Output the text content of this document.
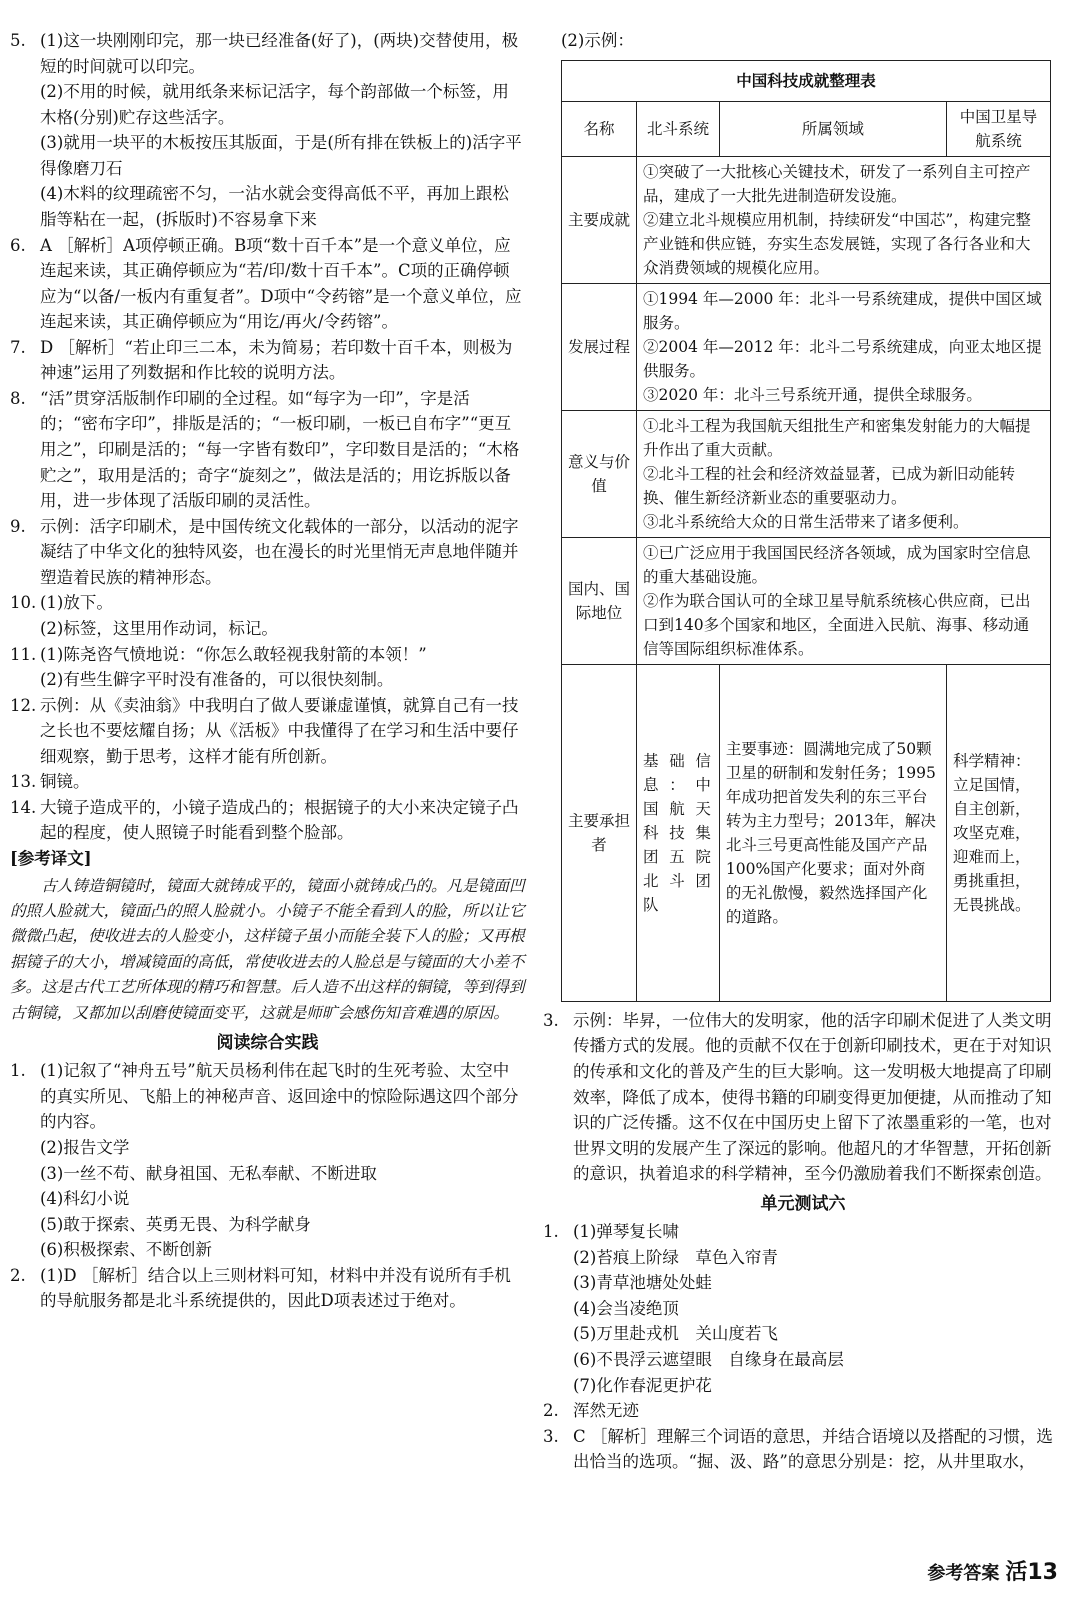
5. (1)这一块刚刚印完，那一块已经准备(好了)，(两块)交替使用，极短的时间就可以印完。

(2)不用的时候，就用纸条来标记活字，每个韵部做一个标签，用木格(分别)贮存这些活字。

(3)就用一块平的木板按压其版面，于是(所有排在铁板上的)活字平得像磨刀石

(4)木料的纹理疏密不匀，一沾水就会变得高低不平，再加上跟松脂等粘在一起，(拆版时)不容易拿下来

6. A ［解析］A项停顿正确。B项“数十百千本”是一个意义单位，应连起来读，其正确停顿应为“若/印/数十百千本”。C项的正确停顿应为“以备/一板内有重复者”。D项中“令药镕”是一个意义单位，应连起来读，其正确停顿应为“用讫/再火/令药镕”。

7. D ［解析］“若止印三二本，未为简易；若印数十百千本，则极为神速”运用了列数据和作比较的说明方法。

8. “活”贯穿活版制作印刷的全过程。如“每字为一印”，字是活的；“密布字印”，排版是活的；“一板印刷，一板已自布字”“更互用之”，印刷是活的；“每一字皆有数印”，字印数目是活的；“木格贮之”，取用是活的；奇字“旋刻之”，做法是活的；用讫拆版以备用，进一步体现了活版印刷的灵活性。

9. 示例：活字印刷术，是中国传统文化载体的一部分，以活动的泥字凝结了中华文化的独特风姿，也在漫长的时光里悄无声息地伴随并塑造着民族的精神形态。

10. (1)放下。

(2)标签，这里用作动词，标记。

11. (1)陈尧咨气愤地说：“你怎么敢轻视我射箭的本领！”

(2)有些生僻字平时没有准备的，可以很快刻制。

12. 示例：从《卖油翁》中我明白了做人要谦虚谨慎，就算自己有一技之长也不要炫耀自扬；从《活板》中我懂得了在学习和生活中要仔细观察，勤于思考，这样才能有所创新。

13. 铜镜。

14. 大镜子造成平的，小镜子造成凸的；根据镜子的大小来决定镜子凸起的程度，使人照镜子时能看到整个脸部。

[参考译文]

古人铸造铜镜时，镜面大就铸成平的，镜面小就铸成凸的。凡是镜面凹的照人脸就大，镜面凸的照人脸就小。小镜子不能全看到人的脸，所以让它微微凸起，使收进去的人脸变小，这样镜子虽小而能全装下人的脸；又再根据镜子的大小，增减镜面的高低，常使收进去的人脸总是与镜面的大小差不多。这是古代工艺所体现的精巧和智慧。后人造不出这样的铜镜，等到得到古铜镜，又都加以刮磨使镜面变平，这就是师旷会感伤知音难遇的原因。

阅读综合实践
1. (1)记叙了“神舟五号”航天员杨利伟在起飞时的生死考验、太空中的真实所见、飞船上的神秘声音、返回途中的惊险际遇这四个部分的内容。

(2)报告文学

(3)一丝不苟、献身祖国、无私奉献、不断进取

(4)科幻小说

(5)敢于探索、英勇无畏、为科学献身

(6)积极探索、不断创新

2. (1)D ［解析］结合以上三则材料可知，材料中并没有说所有手机的导航服务都是北斗系统提供的，因此D项表述过于绝对。

(2)示例：

中国科技成就整理表			
名称	北斗系统	所属领域	中国卫星导航系统
主要成就	①突破了一大批核心关键技术，研发了一系列自主可控产品，建成了一大批先进制造研发设施。
②建立北斗规模应用机制，持续研发“中国芯”，构建完整产业链和供应链，夯实生态发展链，实现了各行各业和大众消费领域的规模化应用。		

发展过程	①1994 年—2000 年：北斗一号系统建成，提供中国区域服务。
②2004 年—2012 年：北斗二号系统建成，向亚太地区提供服务。
③2020 年：北斗三号系统开通，提供全球服务。		

意义与价值	①北斗工程为我国航天组批生产和密集发射能力的大幅提升作出了重大贡献。
②北斗工程的社会和经济效益显著，已成为新旧动能转换、催生新经济新业态的重要驱动力。
③北斗系统给大众的日常生活带来了诸多便利。		

国内、国际地位	①已广泛应用于我国国民经济各领域，成为国家时空信息的重大基础设施。
②作为联合国认可的全球卫星导航系统核心供应商，已出口到140多个国家和地区，全面进入民航、海事、移动通信等国际组织标准体系。		

主要承担者	基础信息：中国航天科技集团五院北斗团队	主要事迹：圆满地完成了50颗卫星的研制和发射任务；1995年成功把首发失利的东三平台转为主力型号；2013年，解决北斗三号更高性能及国产产品100%国产化要求；面对外商的无礼傲慢，毅然选择国产化的道路。	科学精神：立足国情，自主创新，攻坚克难，迎难而上，勇挑重担，无畏挑战。
3. 示例：毕昇，一位伟大的发明家，他的活字印刷术促进了人类文明传播方式的发展。他的贡献不仅在于创新印刷技术，更在于对知识的传承和文化的普及产生的巨大影响。这一发明极大地提高了印刷效率，降低了成本，使得书籍的印刷变得更加便捷，从而推动了知识的广泛传播。这不仅在中国历史上留下了浓墨重彩的一笔，也对世界文明的发展产生了深远的影响。他超凡的才华智慧，开拓创新的意识，执着追求的科学精神，至今仍激励着我们不断探索创造。

单元测试六
1. (1)弹琴复长啸

(2)苔痕上阶绿　草色入帘青

(3)青草池塘处处蛙

(4)会当凌绝顶

(5)万里赴戎机　关山度若飞

(6)不畏浮云遮望眼　自缘身在最高层

(7)化作春泥更护花

2. 浑然无迹

3. C ［解析］理解三个词语的意思，并结合语境以及搭配的习惯，选出恰当的选项。“掘、汲、路”的意思分别是：挖，从井里取水，

参考答案 活13
